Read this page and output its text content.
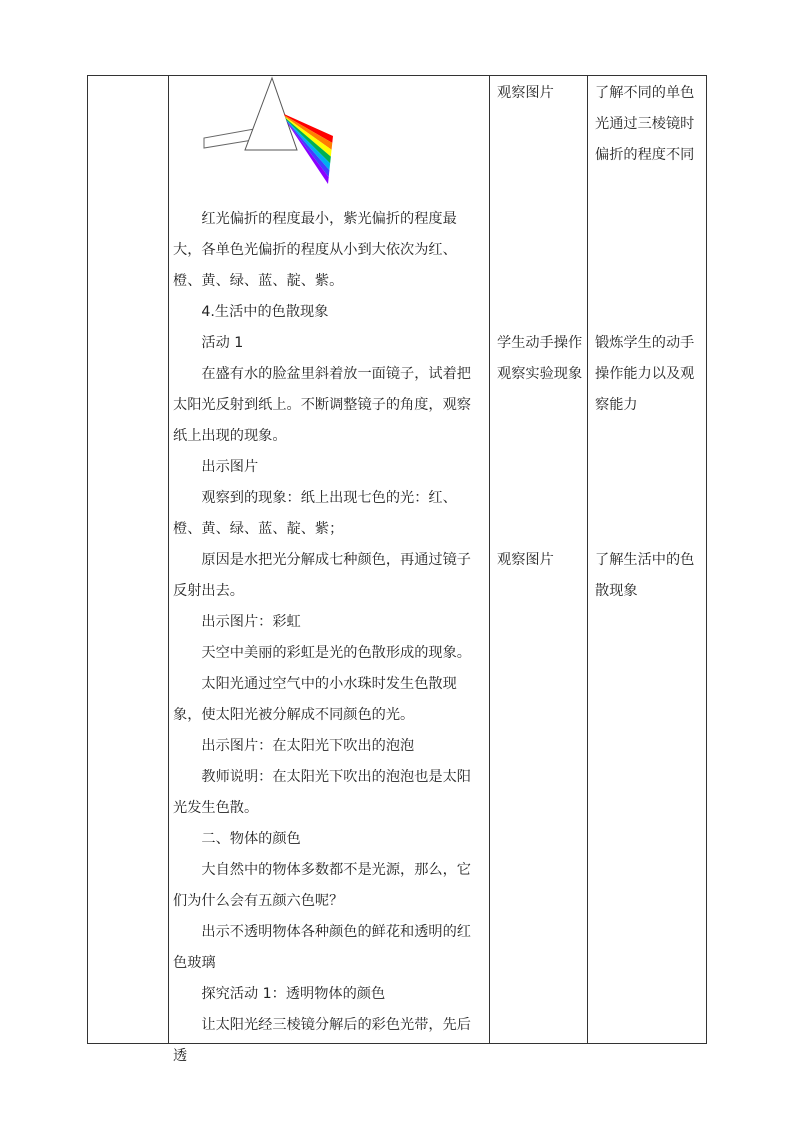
红光偏折的程度最小，紫光偏折的程度最大，各单色光偏折的程度从小到大依次为红、橙、黄、绿、蓝、靛、紫。

4.生活中的色散现象

活动 1

在盛有水的脸盆里斜着放一面镜子，试着把太阳光反射到纸上。不断调整镜子的角度，观察纸上出现的现象。

出示图片

观察到的现象：纸上出现七色的光：红、橙、黄、绿、蓝、靛、紫；

原因是水把光分解成七种颜色，再通过镜子反射出去。

出示图片：彩虹

天空中美丽的彩虹是光的色散形成的现象。

太阳光通过空气中的小水珠时发生色散现象，使太阳光被分解成不同颜色的光。

出示图片：在太阳光下吹出的泡泡

教师说明：在太阳光下吹出的泡泡也是太阳光发生色散。

二、物体的颜色

大自然中的物体多数都不是光源，那么，它们为什么会有五颜六色呢？

出示不透明物体各种颜色的鲜花和透明的红色玻璃

探究活动 1：透明物体的颜色

让太阳光经三棱镜分解后的彩色光带，先后透

观察图片

学生动手操作观察实验现象

观察图片

了解不同的单色光通过三棱镜时偏折的程度不同

锻炼学生的动手操作能力以及观察能力

了解生活中的色散现象
